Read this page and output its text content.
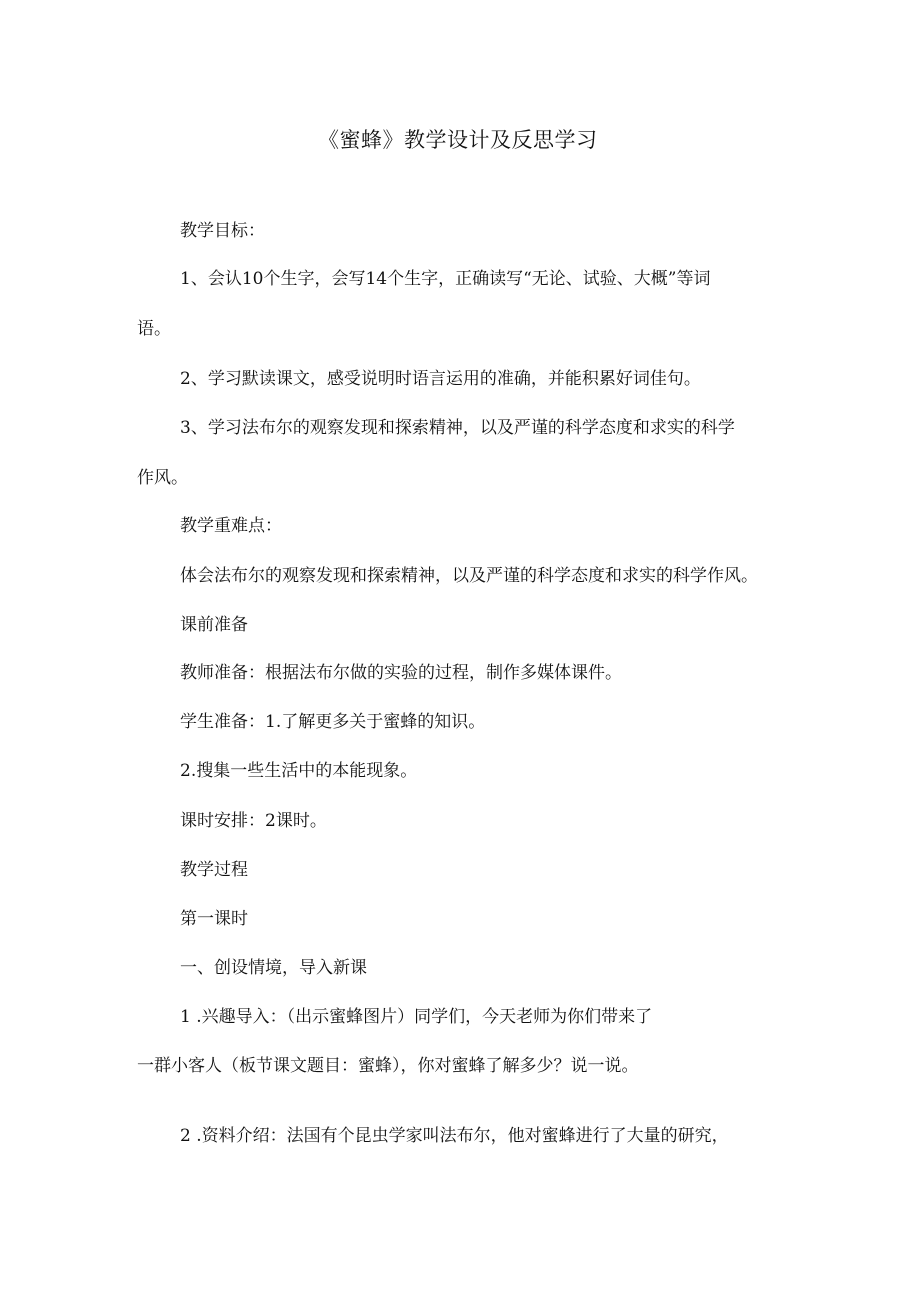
《蜜蜂》教学设计及反思学习

教学目标：

1、会认10个生字，会写14个生字，正确读写“无论、试验、大概”等词

语。

2、学习默读课文，感受说明时语言运用的准确，并能积累好词佳句。

3、学习法布尔的观察发现和探索精神，以及严谨的科学态度和求实的科学

作风。

教学重难点：

体会法布尔的观察发现和探索精神，以及严谨的科学态度和求实的科学作风。

课前准备

教师准备：根据法布尔做的实验的过程，制作多媒体课件。

学生准备：1.了解更多关于蜜蜂的知识。

2.搜集一些生活中的本能现象。

课时安排：2课时。

教学过程

第一课时

一、创设情境，导入新课

1 .兴趣导入：（出示蜜蜂图片）同学们，今天老师为你们带来了

一群小客人（板节课文题目：蜜蜂），你对蜜蜂了解多少？说一说。

2 .资料介绍：法国有个昆虫学家叫法布尔，他对蜜蜂进行了大量的研究，
